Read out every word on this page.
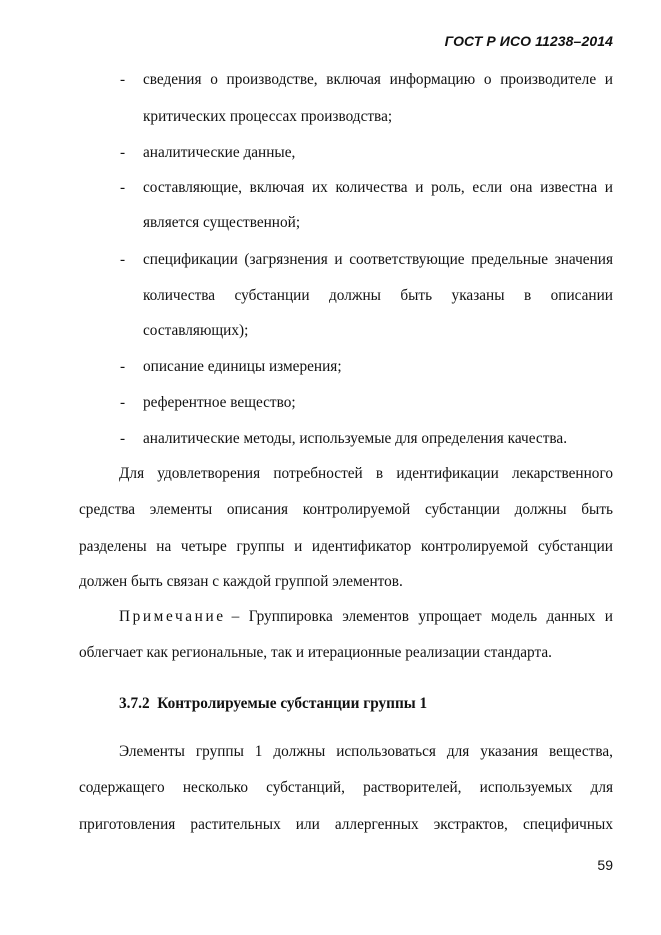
ГОСТ Р ИСО 11238–2014
- сведения о производстве, включая информацию о производителе и
критических процессах производства;
- аналитические данные,
- составляющие, включая их количества и роль, если она известна и
является существенной;
- спецификации (загрязнения и соответствующие предельные значения
количества субстанции должны быть указаны в описании
составляющих);
- описание единицы измерения;
- референтное вещество;
- аналитические методы, используемые для определения качества.
Для удовлетворения потребностей в идентификации лекарственного
средства элементы описания контролируемой субстанции должны быть
разделены на четыре группы и идентификатор контролируемой субстанции
должен быть связан с каждой группой элементов.
Примечание – Группировка элементов упрощает модель данных и
облегчает как региональные, так и итерационные реализации стандарта.
3.7.2 Контролируемые субстанции группы 1
Элементы группы 1 должны использоваться для указания вещества,
содержащего несколько субстанций, растворителей, используемых для
приготовления растительных или аллергенных экстрактов, специфичных
59
